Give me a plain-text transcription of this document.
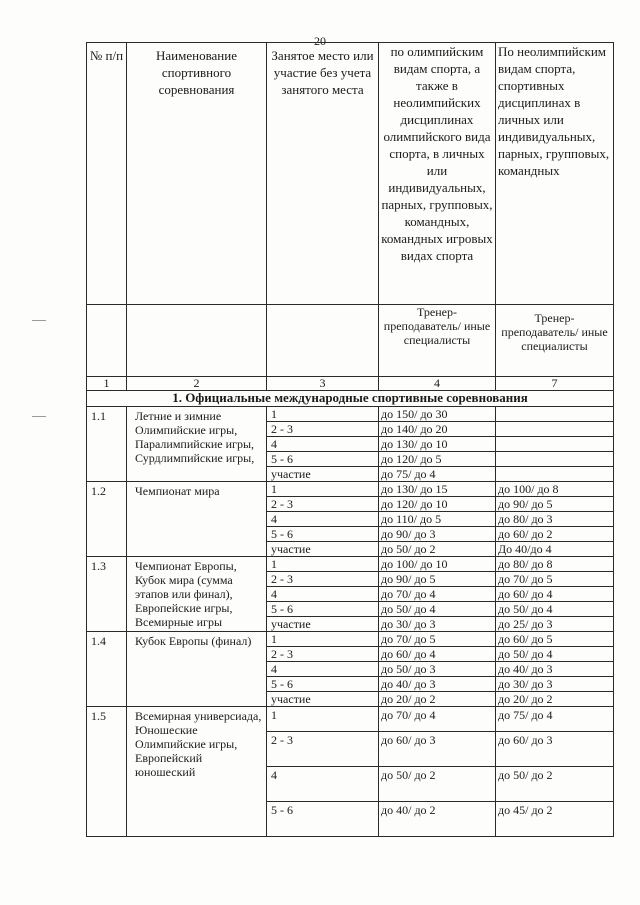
20
№ п/п	Наименование спортивного соревнования	Занятое место или участие без учета занятого места	по олимпийским видам спорта, а также в неолимпийских дисциплинах олимпийского вида спорта, в личных или индивидуальных, парных, групповых, командных, командных игровых видах спорта	По неолимпийским видам спорта, спортивных дисциплинах в личных или индивидуальных, парных, групповых, командных
			Тренер-преподаватель/ иные специалисты	Тренер-преподаватель/ иные специалисты
1	2	3	4	7
1. Официальные международные спортивные соревнования				
1.1	Летние и зимние Олимпийские игры, Паралимпийские игры, Сурдлимпийские игры,	1	до 150/ до 30	
		2 - 3	до 140/ до 20	
		4	до 130/ до 10	
		5 - 6	до 120/ до 5	
		участие	до 75/ до 4	
1.2	Чемпионат мира	1	до 130/ до 15	до 100/ до 8
		2 - 3	до 120/ до 10	до 90/ до 5
		4	до 110/ до 5	до 80/ до 3
		5 - 6	до 90/ до 3	до 60/ до 2
		участие	до 50/ до 2	До 40/до 4
1.3	Чемпионат Европы, Кубок мира (сумма этапов или финал), Европейские игры, Всемирные игры	1	до 100/ до 10	до 80/ до 8
		2 - 3	до 90/ до 5	до 70/ до 5
		4	до 70/ до 4	до 60/ до 4
		5 - 6	до 50/ до 4	до 50/ до 4
		участие	до 30/ до 3	до 25/ до 3
1.4	Кубок Европы (финал)	1	до 70/ до 5	до 60/ до 5
		2 - 3	до 60/ до 4	до 50/ до 4
		4	до 50/ до 3	до 40/ до 3
		5 - 6	до 40/ до 3	до 30/ до 3
		участие	до 20/ до 2	до 20/ до 2
1.5	Всемирная универсиада, Юношеские Олимпийские игры, Европейский юношеский	1	до 70/ до 4	до 75/ до 4
		2 - 3	до 60/ до 3	до 60/ до 3
		4	до 50/ до 2	до 50/ до 2
		5 - 6	до 40/ до 2	до 45/ до 2
